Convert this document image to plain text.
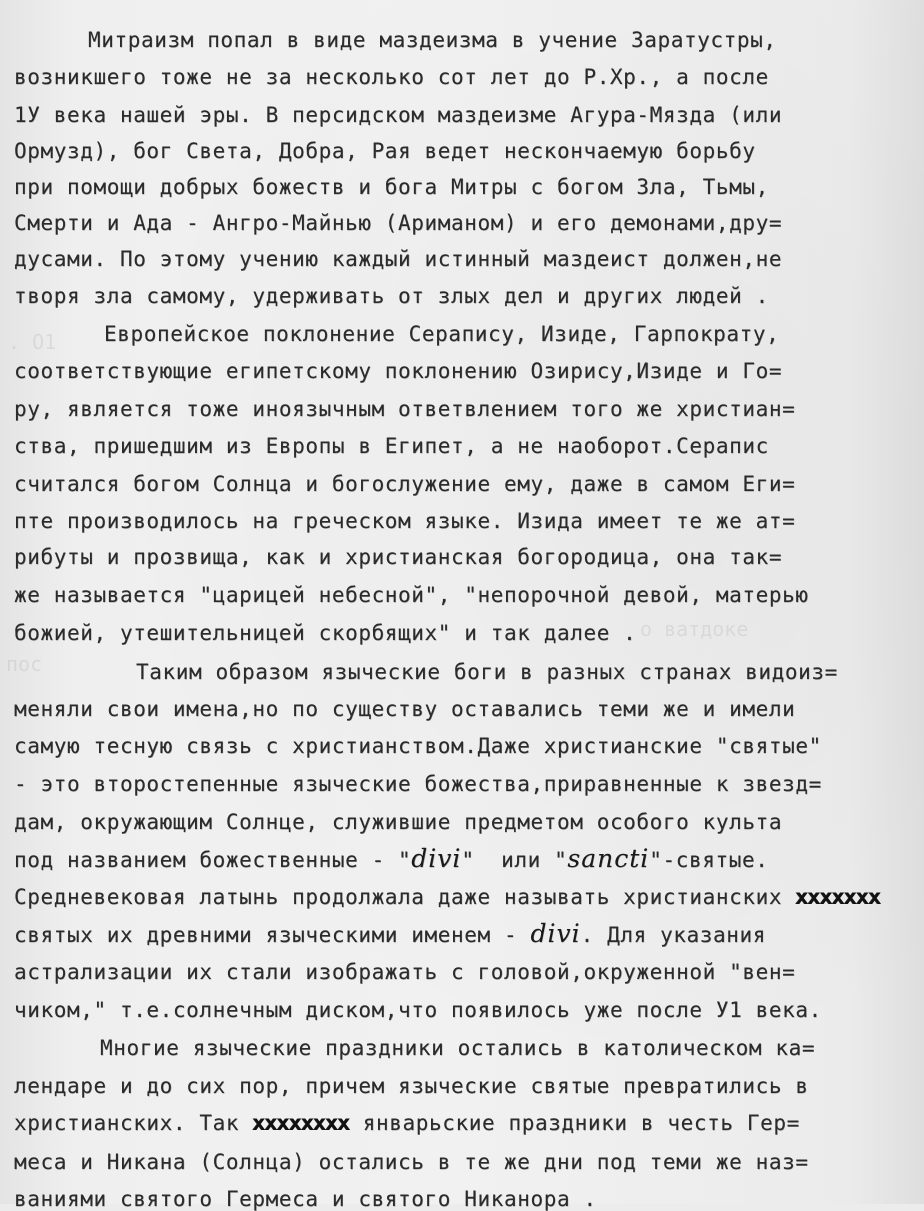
. О1
о ватдоке
пос
Митраизм попал в виде маздеизма в учение Заратустры,
возникшего тоже не за несколько сот лет до Р.Хр., а после
1У века нашей эры. В персидском маздеизме Агура-Мязда (или
Ормузд), бог Света, Добра, Рая ведет нескончаемую борьбу
при помощи добрых божеств и бога Митры с богом Зла, Тьмы,
Смерти и Ада - Ангро-Майнью (Ариманом) и его демонами,дру=
дусами. По этому учению каждый истинный маздеист должен,не
творя зла самому, удерживать от злых дел и других людей .
Европейское поклонение Серапису, Изиде, Гарпократу,
соответствующие египетскому поклонению Озирису,Изиде и Го=
ру, является тоже иноязычным ответвлением того же христиан=
ства, пришедшим из Европы в Египет, а не наоборот.Серапис
считался богом Солнца и богослужение ему, даже в самом Еги=
пте производилось на греческом языке. Изида имеет те же ат=
рибуты и прозвища, как и христианская богородица, она так=
же называется "царицей небесной", "непорочной девой, матерью
божией, утешительницей скорбящих" и так далее .
Таким образом языческие боги в разных странах видоиз=
меняли свои имена,но по существу оставались теми же и имели
самую тесную связь с христианством.Даже христианские "святые"
- это второстепенные языческие божества,приравненные к звезд=
дам, окружающим Солнце, служившие предметом особого культа
под названием божественные - "divi"  или "sancti"-святые.
Средневековая латынь продолжала даже называть христианских ххххххх
святых их древними языческими именем - divi. Для указания
астрализации их стали изображать с головой,окруженной "вен=
чиком," т.е.солнечным диском,что появилось уже после У1 века.
Многие языческие праздники остались в католическом ка=
лендаре и до сих пор, причем языческие святые превратились в
христианских. Так хххххххх январьские праздники в честь Гер=
меса и Никана (Солнца) остались в те же дни под теми же наз=
ваниями святого Гермеса и святого Никанора .
